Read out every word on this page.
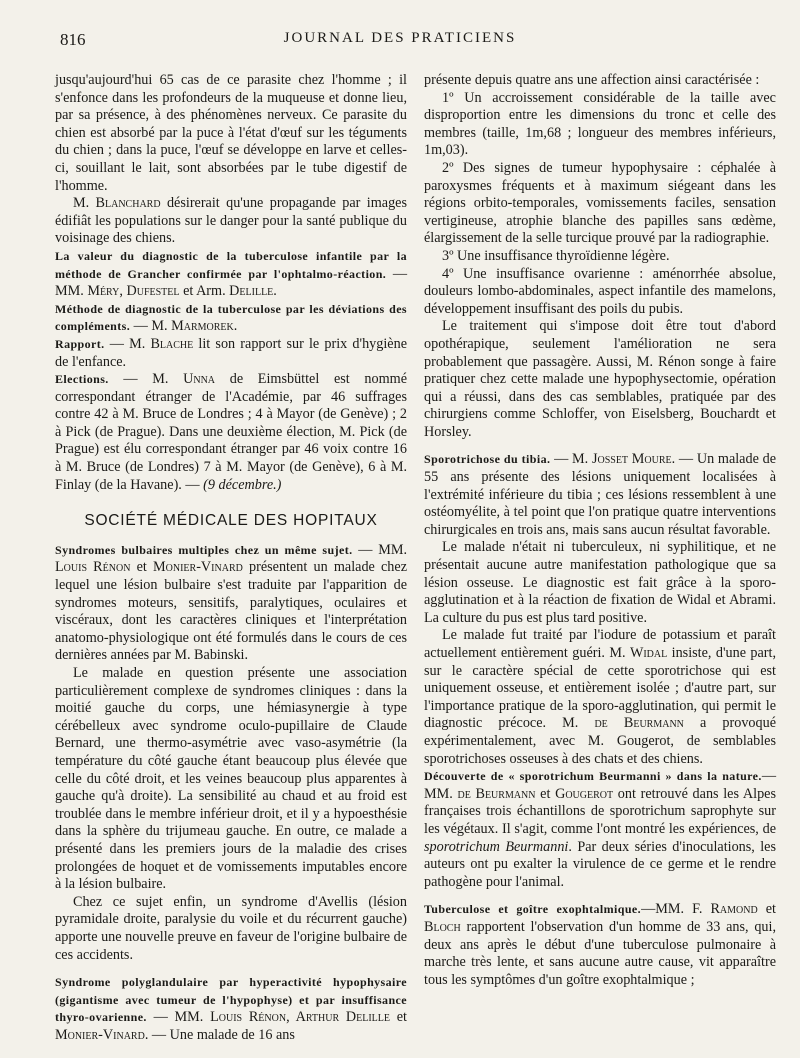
816	JOURNAL DES PRATICIENS

jusqu'aujourd'hui 65 cas de ce parasite chez l'homme ; il s'enfonce dans les profondeurs de la muqueuse et donne lieu, par sa présence, à des phénomènes nerveux. Ce parasite du chien est absorbé par la puce à l'état d'œuf sur les téguments du chien ; dans la puce, l'œuf se développe en larve et celles-ci, souillant le lait, sont absorbées par le tube digestif de l'homme.

M. Blanchard désirerait qu'une propagande par images édifiât les populations sur le danger pour la santé publique du voisinage des chiens.

La valeur du diagnostic de la tuberculose infantile par la méthode de Grancher confirmée par l'ophtalmo-réaction. — MM. Méry, Dufestel et Arm. Delille.

Méthode de diagnostic de la tuberculose par les déviations des compléments. — M. Marmorek.

Rapport. — M. Blache lit son rapport sur le prix d'hygiène de l'enfance.

Elections. — M. Unna de Eimsbüttel est nommé correspondant étranger de l'Académie, par 46 suffrages contre 42 à M. Bruce de Londres ; 4 à Mayor (de Genève) ; 2 à Pick (de Prague). Dans une deuxième élection, M. Pick (de Prague) est élu correspondant étranger par 46 voix contre 16 à M. Bruce (de Londres) 7 à M. Mayor (de Genève), 6 à M. Finlay (de la Havane). — (9 décembre.)

SOCIÉTÉ MÉDICALE DES HOPITAUX

Syndromes bulbaires multiples chez un même sujet. — MM. Louis Rénon et Monier-Vinard présentent un malade chez lequel une lésion bulbaire s'est traduite par l'apparition de syndromes moteurs, sensitifs, paralytiques, oculaires et viscéraux, dont les caractères cliniques et l'interprétation anatomo-physiologique ont été formulés dans le cours de ces dernières années par M. Babinski.

Le malade en question présente une association particulièrement complexe de syndromes cliniques : dans la moitié gauche du corps, une hémiasynergie à type cérébelleux avec syndrome oculo-pupillaire de Claude Bernard, une thermo-asymétrie avec vaso-asymétrie (la température du côté gauche étant beaucoup plus élevée que celle du côté droit, et les veines beaucoup plus apparentes à gauche qu'à droite). La sensibilité au chaud et au froid est troublée dans le membre inférieur droit, et il y a hypoesthésie dans la sphère du trijumeau gauche. En outre, ce malade a présenté dans les premiers jours de la maladie des crises prolongées de hoquet et de vomissements imputables encore à la lésion bulbaire.

Chez ce sujet enfin, un syndrome d'Avellis (lésion pyramidale droite, paralysie du voile et du récurrent gauche) apporte une nouvelle preuve en faveur de l'origine bulbaire de ces accidents.

Syndrome polyglandulaire par hyperactivité hypophysaire (gigantisme avec tumeur de l'hypophyse) et par insuffisance thyro-ovarienne. — MM. Louis Rénon, Arthur Delille et Monier-Vinard. — Une malade de 16 ans

présente depuis quatre ans une affection ainsi caractérisée :

1º Un accroissement considérable de la taille avec disproportion entre les dimensions du tronc et celle des membres (taille, 1m,68 ; longueur des membres inférieurs, 1m,03).

2º Des signes de tumeur hypophysaire : céphalée à paroxysmes fréquents et à maximum siégeant dans les régions orbito-temporales, vomissements faciles, sensation vertigineuse, atrophie blanche des papilles sans œdème, élargissement de la selle turcique prouvé par la radiographie.

3º Une insuffisance thyroïdienne légère.

4º Une insuffisance ovarienne : aménorrhée absolue, douleurs lombo-abdominales, aspect infantile des mamelons, développement insuffisant des poils du pubis.

Le traitement qui s'impose doit être tout d'abord opothérapique, seulement l'amélioration ne sera probablement que passagère. Aussi, M. Rénon songe à faire pratiquer chez cette malade une hypophysectomie, opération qui a réussi, dans des cas semblables, pratiquée par des chirurgiens comme Schloffer, von Eiselsberg, Bouchardt et Horsley.

Sporotrichose du tibia. — M. Josset Moure. — Un malade de 55 ans présente des lésions uniquement localisées à l'extrémité inférieure du tibia ; ces lésions ressemblent à une ostéomyélite, à tel point que l'on pratique quatre interventions chirurgicales en trois ans, mais sans aucun résultat favorable.

Le malade n'était ni tuberculeux, ni syphilitique, et ne présentait aucune autre manifestation pathologique que sa lésion osseuse. Le diagnostic est fait grâce à la sporo-agglutination et à la réaction de fixation de Widal et Abrami. La culture du pus est plus tard positive.

Le malade fut traité par l'iodure de potassium et paraît actuellement entièrement guéri. M. Widal insiste, d'une part, sur le caractère spécial de cette sporotrichose qui est uniquement osseuse, et entièrement isolée ; d'autre part, sur l'importance pratique de la sporo-agglutination, qui permit le diagnostic précoce. M. de Beurmann a provoqué expérimentalement, avec M. Gougerot, de semblables sporotrichoses osseuses à des chats et des chiens.

Découverte de « sporotrichum Beurmanni » dans la nature.—MM. de Beurmann et Gougerot ont retrouvé dans les Alpes françaises trois échantillons de sporotrichum saprophyte sur les végétaux. Il s'agit, comme l'ont montré les expériences, de sporotrichum Beurmanni. Par deux séries d'inoculations, les auteurs ont pu exalter la virulence de ce germe et le rendre pathogène pour l'animal.

Tuberculose et goître exophtalmique.—MM. F. Ramond et Bloch rapportent l'observation d'un homme de 33 ans, qui, deux ans après le début d'une tuberculose pulmonaire à marche très lente, et sans aucune autre cause, vit apparaître tous les symptômes d'un goître exophtalmique ;
